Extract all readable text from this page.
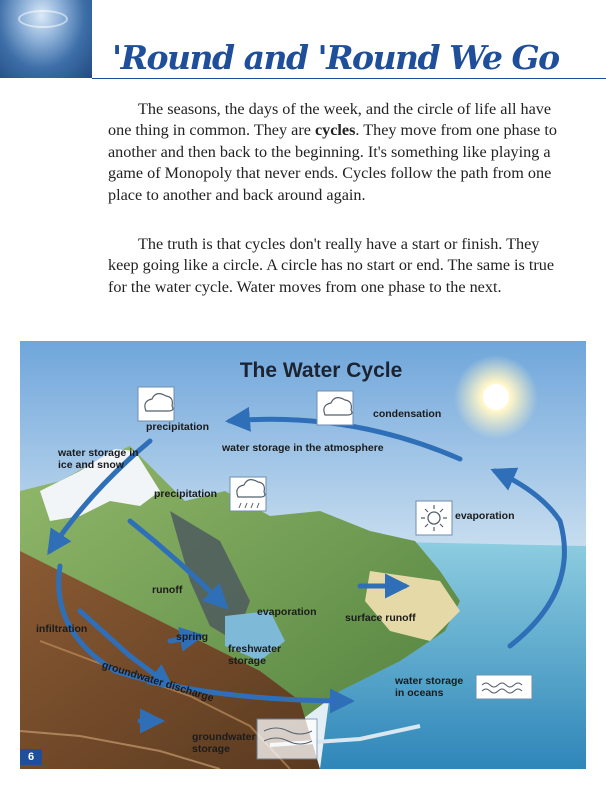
'Round and 'Round We Go

The seasons, the days of the week, and the circle of life all have one thing in common. They are cycles. They move from one phase to another and then back to the beginning. It's something like playing a game of Monopoly that never ends. Cycles follow the path from one place to another and back around again.

The truth is that cycles don't really have a start or finish. They keep going like a circle. A circle has no start or end. The same is true for the water cycle. Water moves from one phase to the next.

The Water Cycle
condensation
precipitation
water storage in the atmosphere
water storage in
ice and snow
precipitation
evaporation
runoff
evaporation	surface runoff
infiltration
spring
freshwater
storage
groundwater discharge	water storage
in oceans
groundwater
storage
6
